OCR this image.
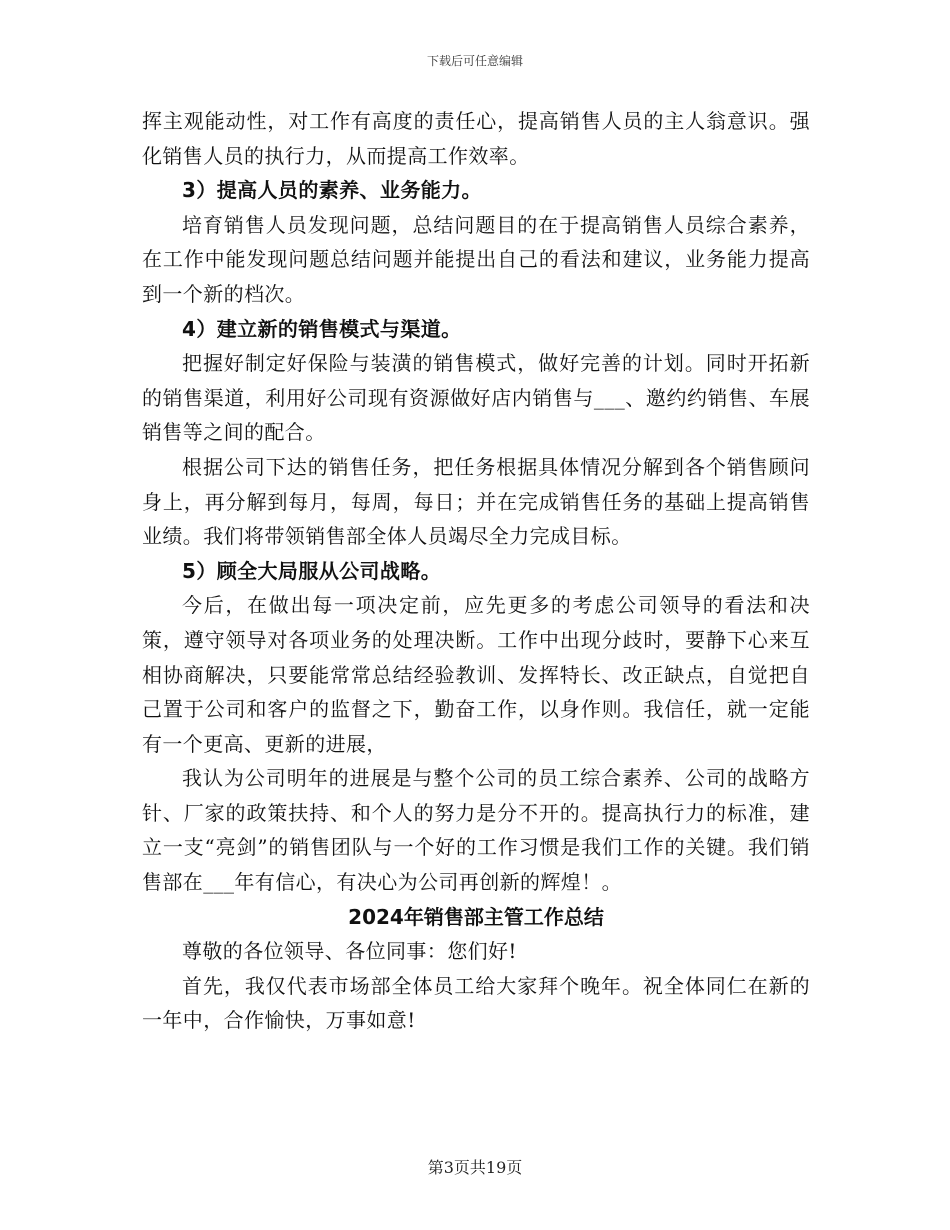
下载后可任意编辑

挥主观能动性，对工作有高度的责任心，提高销售人员的主人翁意识。强化销售人员的执行力，从而提高工作效率。

3）提高人员的素养、业务能力。

培育销售人员发现问题，总结问题目的在于提高销售人员综合素养，在工作中能发现问题总结问题并能提出自己的看法和建议，业务能力提高到一个新的档次。

4）建立新的销售模式与渠道。

把握好制定好保险与装潢的销售模式，做好完善的计划。同时开拓新的销售渠道，利用好公司现有资源做好店内销售与___、邀约约销售、车展销售等之间的配合。

根据公司下达的销售任务，把任务根据具体情况分解到各个销售顾问身上，再分解到每月，每周，每日；并在完成销售任务的基础上提高销售业绩。我们将带领销售部全体人员竭尽全力完成目标。

5）顾全大局服从公司战略。

今后，在做出每一项决定前，应先更多的考虑公司领导的看法和决策，遵守领导对各项业务的处理决断。工作中出现分歧时，要静下心来互相协商解决，只要能常常总结经验教训、发挥特长、改正缺点，自觉把自己置于公司和客户的监督之下，勤奋工作，以身作则。我信任，就一定能有一个更高、更新的进展，

我认为公司明年的进展是与整个公司的员工综合素养、公司的战略方针、厂家的政策扶持、和个人的努力是分不开的。提高执行力的标准，建立一支“亮剑”的销售团队与一个好的工作习惯是我们工作的关键。我们销售部在___年有信心，有决心为公司再创新的辉煌！。

2024年销售部主管工作总结

尊敬的各位领导、各位同事：您们好!

首先，我仅代表市场部全体员工给大家拜个晚年。祝全体同仁在新的一年中，合作愉快，万事如意!

第3页共19页
